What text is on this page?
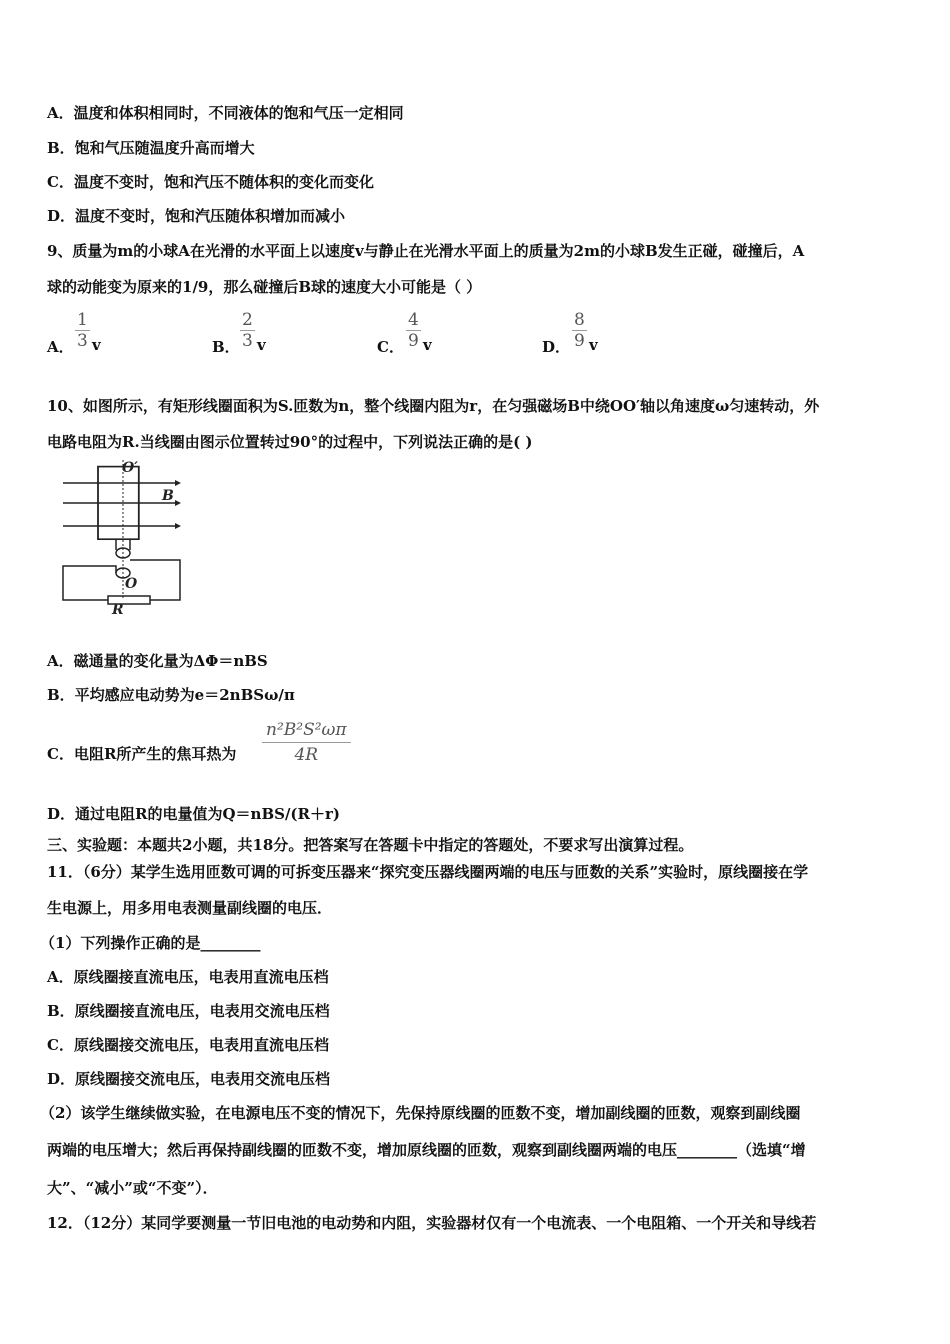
A．温度和体积相同时，不同液体的饱和气压一定相同
B．饱和气压随温度升高而增大
C．温度不变时，饱和汽压不随体积的变化而变化
D．温度不变时，饱和汽压随体积增加而减小
9、质量为m的小球A在光滑的水平面上以速度v与静止在光滑水平面上的质量为2m的小球B发生正碰，碰撞后，A
球的动能变为原来的1/9，那么碰撞后B球的速度大小可能是（ ）
A． $\frac{1}{3}$ v	B． $\frac{2}{3}$ v	C． $\frac{4}{9}$ v	D． $\frac{8}{9}$ v
10、如图所示，有矩形线圈面积为S.匝数为n，整个线圈内阻为r，在匀强磁场B中绕OO′轴以角速度ω匀速转动，外
电路电阻为R.当线圈由图示位置转过90°的过程中，下列说法正确的是( )
O′
B
O
R
A．磁通量的变化量为ΔΦ＝nBS
B．平均感应电动势为e＝2nBSω/π
C．电阻R所产生的焦耳热为 $\frac{\text{n²B²S²ωπ}}{4R}$
D．通过电阻R的电量值为Q＝nBS/(R＋r)
三、实验题：本题共2小题，共18分。把答案写在答题卡中指定的答题处，不要求写出演算过程。
11．（6分）某学生选用匝数可调的可拆变压器来“探究变压器线圈两端的电压与匝数的关系”实验时，原线圈接在学
生电源上，用多用电表测量副线圈的电压．
（1）下列操作正确的是________
A．原线圈接直流电压，电表用直流电压档
B．原线圈接直流电压，电表用交流电压档
C．原线圈接交流电压，电表用直流电压档
D．原线圈接交流电压，电表用交流电压档
（2）该学生继续做实验，在电源电压不变的情况下，先保持原线圈的匝数不变，增加副线圈的匝数，观察到副线圈
两端的电压增大；然后再保持副线圈的匝数不变，增加原线圈的匝数，观察到副线圈两端的电压________（选填“增
大”、“减小”或“不变”）．
12．（12分）某同学要测量一节旧电池的电动势和内阻，实验器材仅有一个电流表、一个电阻箱、一个开关和导线若
